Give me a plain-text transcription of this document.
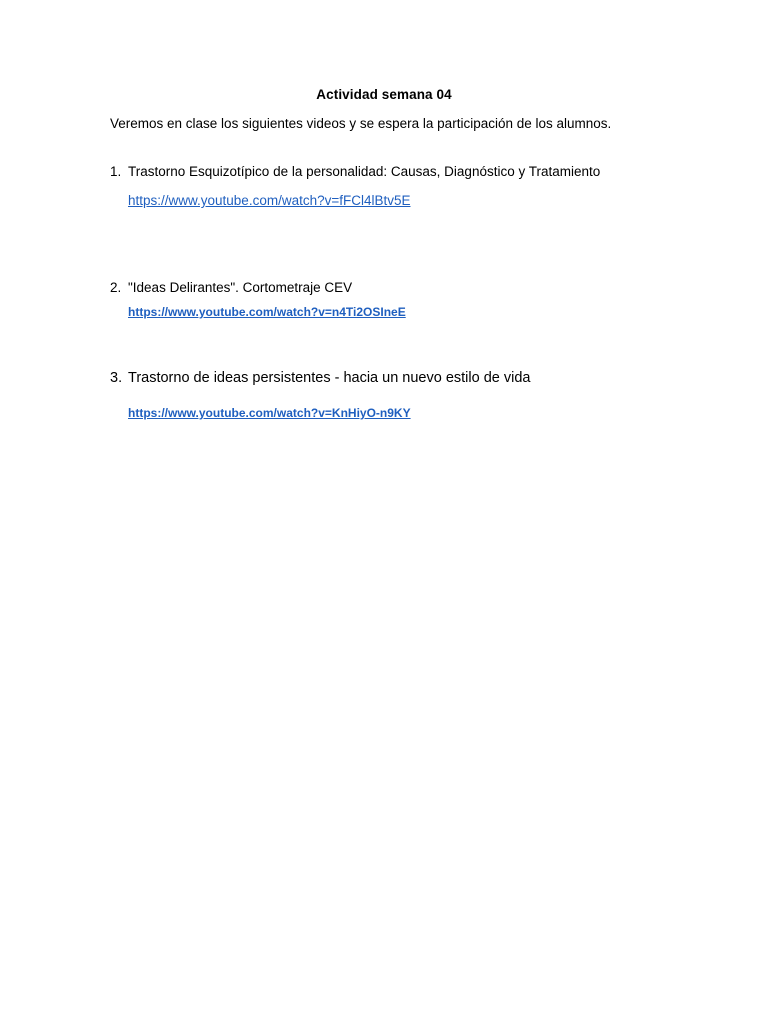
Actividad semana 04
Veremos en clase los siguientes videos y se espera la participación de los alumnos.
1. Trastorno Esquizotípico de la personalidad: Causas, Diagnóstico y Tratamiento
https://www.youtube.com/watch?v=fFCl4lBtv5E
2. "Ideas Delirantes". Cortometraje CEV
https://www.youtube.com/watch?v=n4Ti2OSIneE
3. Trastorno de ideas persistentes - hacia un nuevo estilo de vida
https://www.youtube.com/watch?v=KnHiyO-n9KY
